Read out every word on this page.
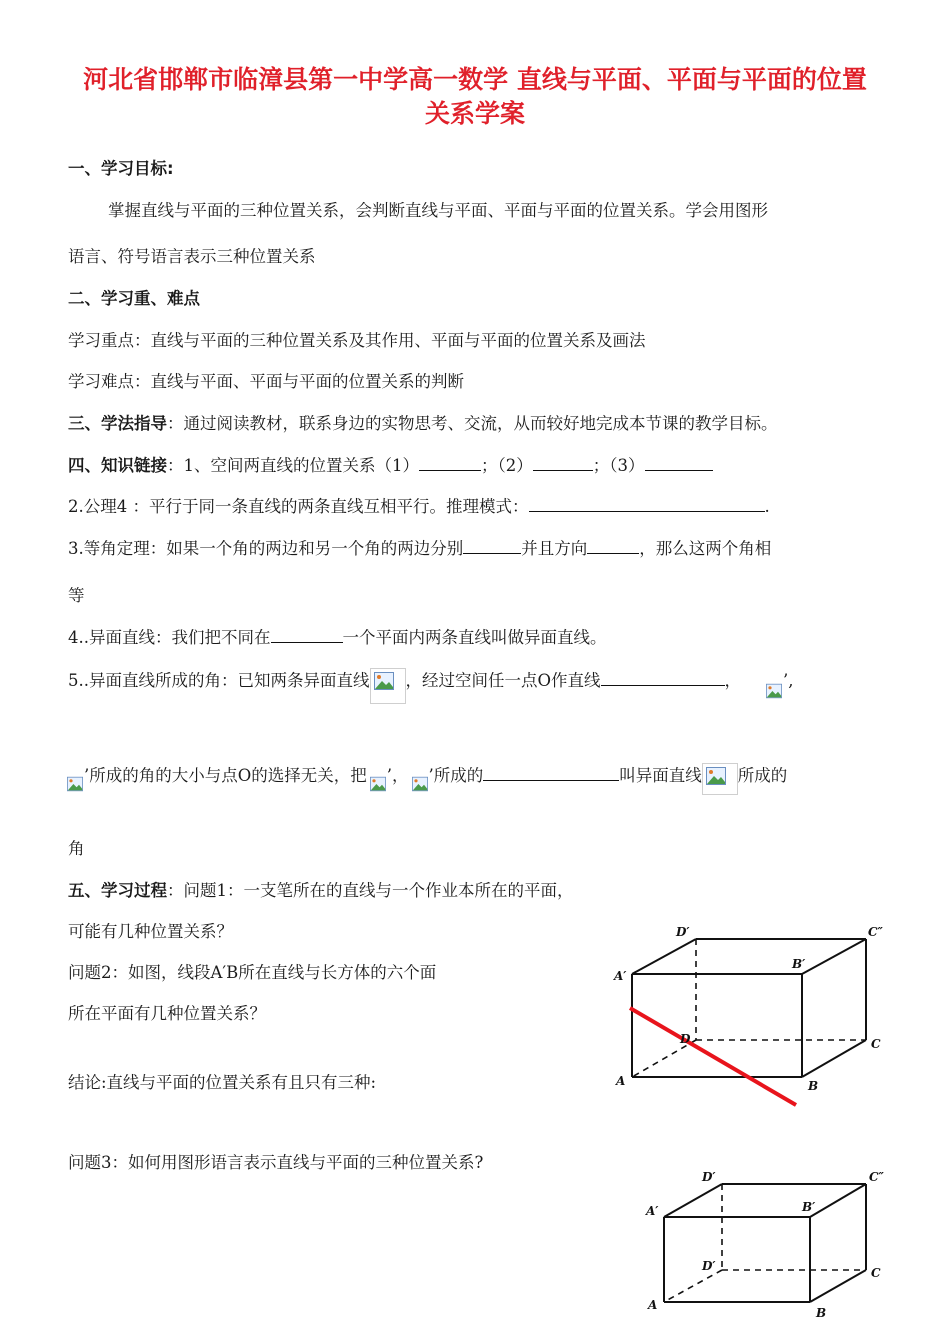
河北省邯郸市临漳县第一中学高一数学 直线与平面、平面与平面的位置
关系学案
一、学习目标:
掌握直线与平面的三种位置关系，会判断直线与平面、平面与平面的位置关系。学会用图形
语言、符号语言表示三种位置关系
二、学习重、难点
学习重点：直线与平面的三种位置关系及其作用、平面与平面的位置关系及画法
学习难点：直线与平面、平面与平面的位置关系的判断
三、学法指导：通过阅读教材，联系身边的实物思考、交流，从而较好地完成本节课的教学目标。
四、知识链接：1、空间两直线的位置关系（1）	；（2）	；（3）
2.公理4 ：平行于同一条直线的两条直线互相平行。推理模式：	.
3.等角定理：如果一个角的两边和另一个角的两边分别	并且方向	，那么这两个角相
等
4..异面直线：我们把不同在	一个平面内两条直线叫做异面直线。
5..异面直线所成的角：已知两条异面直线 ，经过空间任一点O作直线	，	’,
’所成的角的大小与点O的选择无关，把 ’， ’所成的	叫异面直线 所成的
角
五、学习过程：问题1：一支笔所在的直线与一个作业本所在的平面，
可能有几种位置关系？
问题2：如图，线段A′B所在直线与长方体的六个面
所在平面有几种位置关系？
结论:直线与平面的位置关系有且只有三种:
问题3：如何用图形语言表示直线与平面的三种位置关系?
D′	C″
A′
B′
D	C
A	B
D′	C″
A′	B′
D′	C
A
B
